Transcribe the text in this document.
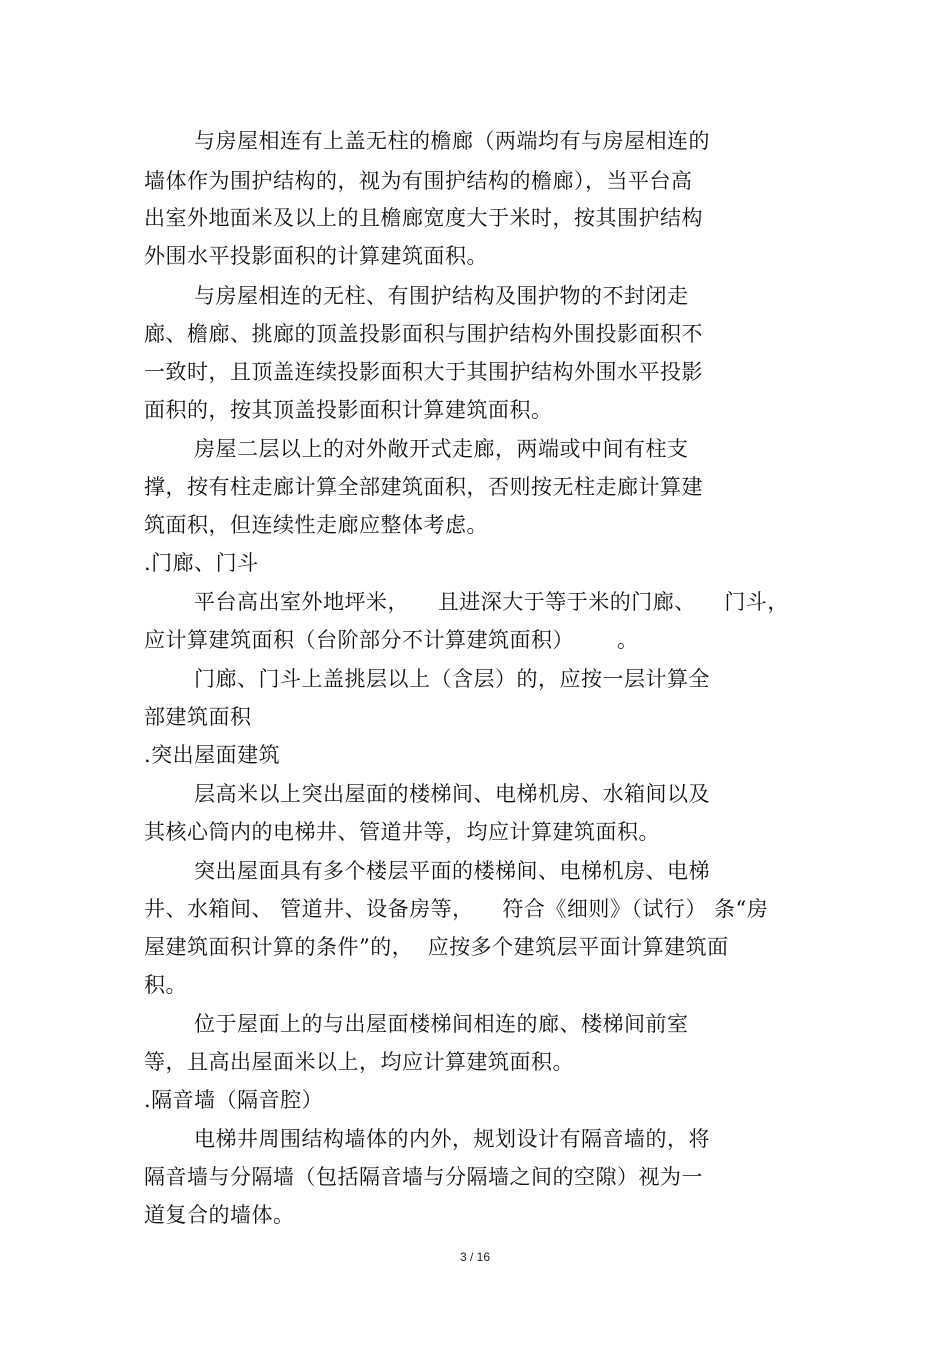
与房屋相连有上盖无柱的檐廊（两端均有与房屋相连的
墙体作为围护结构的，视为有围护结构的檐廊），当平台高
出室外地面米及以上的且檐廊宽度大于米时，按其围护结构
外围水平投影面积的计算建筑面积。
与房屋相连的无柱、有围护结构及围护物的不封闭走
廊、檐廊、挑廊的顶盖投影面积与围护结构外围投影面积不
一致时，且顶盖连续投影面积大于其围护结构外围水平投影
面积的，按其顶盖投影面积计算建筑面积。
房屋二层以上的对外敞开式走廊，两端或中间有柱支
撑，按有柱走廊计算全部建筑面积，否则按无柱走廊计算建
筑面积，但连续性走廊应整体考虑。
.门廊、门斗
平台高出室外地坪米，    且进深大于等于米的门廊、    门斗，
应计算建筑面积（台阶部分不计算建筑面积）      。
门廊、门斗上盖挑层以上（含层）的，应按一层计算全
部建筑面积
.突出屋面建筑
层高米以上突出屋面的楼梯间、电梯机房、水箱间以及
其核心筒内的电梯井、管道井等，均应计算建筑面积。
突出屋面具有多个楼层平面的楼梯间、电梯机房、电梯
井、水箱间、 管道井、设备房等，    符合《细则》（试行） 条“房
屋建筑面积计算的条件”的，  应按多个建筑层平面计算建筑面
积。
位于屋面上的与出屋面楼梯间相连的廊、楼梯间前室
等，且高出屋面米以上，均应计算建筑面积。
.隔音墙（隔音腔）
电梯井周围结构墙体的内外，规划设计有隔音墙的，将
隔音墙与分隔墙（包括隔音墙与分隔墙之间的空隙）视为一
道复合的墙体。
3 / 16
